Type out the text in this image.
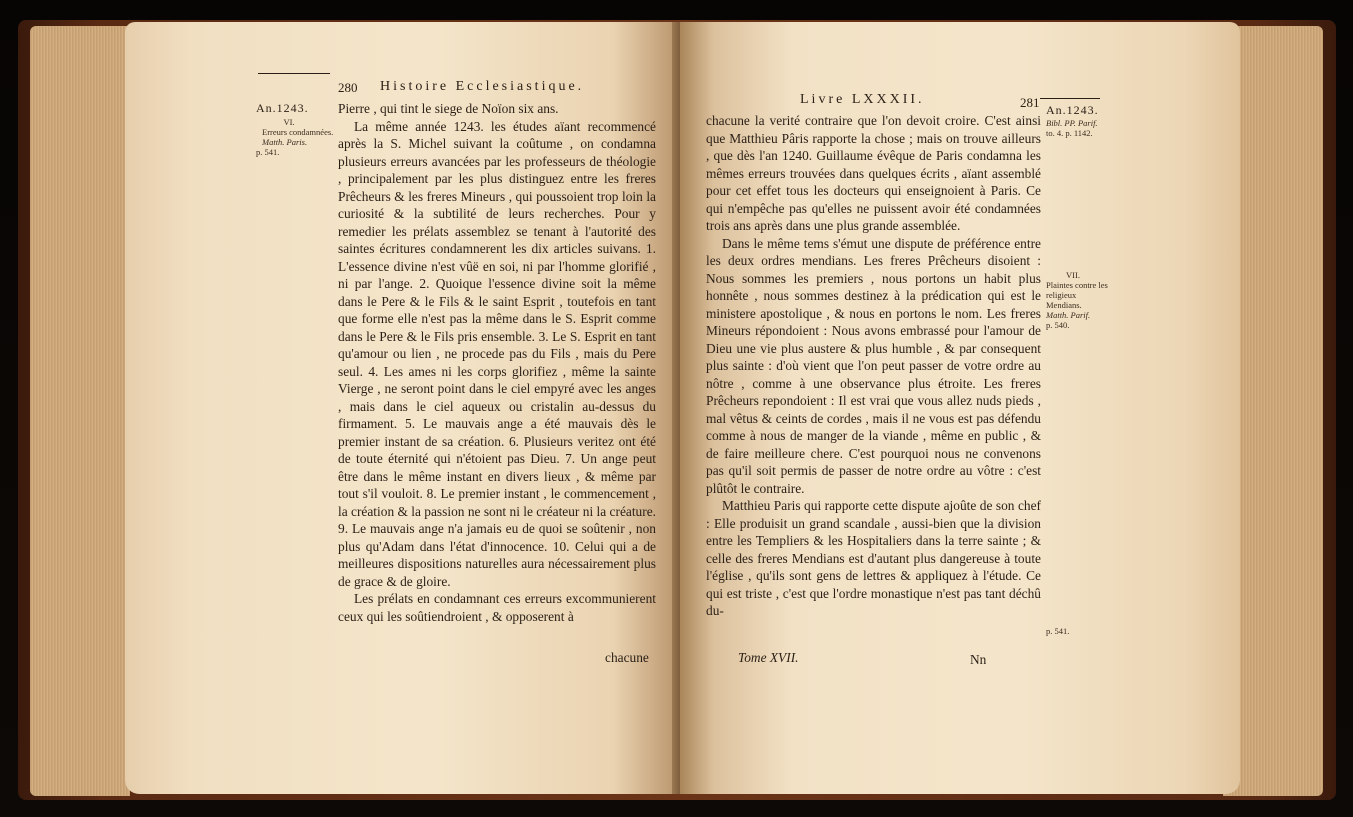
An.1243.
VI.
Erreurs condamnées.
Matth. Paris.
p. 541.
280 Histoire Ecclesiastique.

Pierre , qui tint le siege de Noïon six ans.

La même année 1243. les études aïant recommencé après la S. Michel suivant la coûtume , on condamna plusieurs erreurs avancées par les professeurs de théologie , principalement par les plus distinguez entre les freres Prêcheurs & les freres Mineurs , qui poussoient trop loin la curiosité & la subtilité de leurs recherches. Pour y remedier les prélats assemblez se tenant à l'autorité des saintes écritures condamnerent les dix articles suivans. 1. L'essence divine n'est vûë en soi, ni par l'homme glorifié , ni par l'ange. 2. Quoique l'essence divine soit la même dans le Pere & le Fils & le saint Esprit , toutefois en tant que forme elle n'est pas la même dans le S. Esprit comme dans le Pere & le Fils pris ensemble. 3. Le S. Esprit en tant qu'amour ou lien , ne procede pas du Fils , mais du Pere seul. 4. Les ames ni les corps glorifiez , même la sainte Vierge , ne seront point dans le ciel empyré avec les anges , mais dans le ciel aqueux ou cristalin au-dessus du firmament. 5. Le mauvais ange a été mauvais dès le premier instant de sa création. 6. Plusieurs veritez ont été de toute éternité qui n'étoient pas Dieu. 7. Un ange peut être dans le même instant en divers lieux , & même par tout s'il vouloit. 8. Le premier instant , le commencement , la création & la passion ne sont ni le créateur ni la créature. 9. Le mauvais ange n'a jamais eu de quoi se soûtenir , non plus qu'Adam dans l'état d'innocence. 10. Celui qui a de meilleures dispositions naturelles aura nécessairement plus de grace & de gloire.

Les prélats en condamnant ces erreurs excommunierent ceux qui les soûtiendroient , & opposerent à

chacune
Livre LXXXII.	281

chacune la verité contraire que l'on devoit croire. C'est ainsi que Matthieu Pâris rapporte la chose ; mais on trouve ailleurs , que dès l'an 1240. Guillaume évêque de Paris condamna les mêmes erreurs trouvées dans quelques écrits , aïant assemblé pour cet effet tous les docteurs qui enseignoient à Paris. Ce qui n'empêche pas qu'elles ne puissent avoir été condamnées trois ans après dans une plus grande assemblée.

Dans le même tems s'émut une dispute de préférence entre les deux ordres mendians. Les freres Prêcheurs disoient : Nous sommes les premiers , nous portons un habit plus honnête , nous sommes destinez à la prédication qui est le ministere apostolique , & nous en portons le nom. Les freres Mineurs répondoient : Nous avons embrassé pour l'amour de Dieu une vie plus austere & plus humble , & par consequent plus sainte : d'où vient que l'on peut passer de votre ordre au nôtre , comme à une observance plus étroite. Les freres Prêcheurs repondoient : Il est vrai que vous allez nuds pieds , mal vêtus & ceints de cordes , mais il ne vous est pas défendu comme à nous de manger de la viande , même en public , & de faire meilleure chere. C'est pourquoi nous ne convenons pas qu'il soit permis de passer de notre ordre au vôtre : c'est plûtôt le contraire.

Matthieu Paris qui rapporte cette dispute ajoûte de son chef : Elle produisit un grand scandale , aussi-bien que la division entre les Templiers & les Hospitaliers dans la terre sainte ; & celle des freres Mendians est d'autant plus dangereuse à toute l'église , qu'ils sont gens de lettres & appliquez à l'étude. Ce qui est triste , c'est que l'ordre monastique n'est pas tant déchû du-

An.1243.
Bibl. PP. Parif.
to. 4. p. 1142.
VII.
Plaintes contre les religieux Mendians.
Matth. Parif.
p. 540.
p. 541.
Tome XVII.	Nn
